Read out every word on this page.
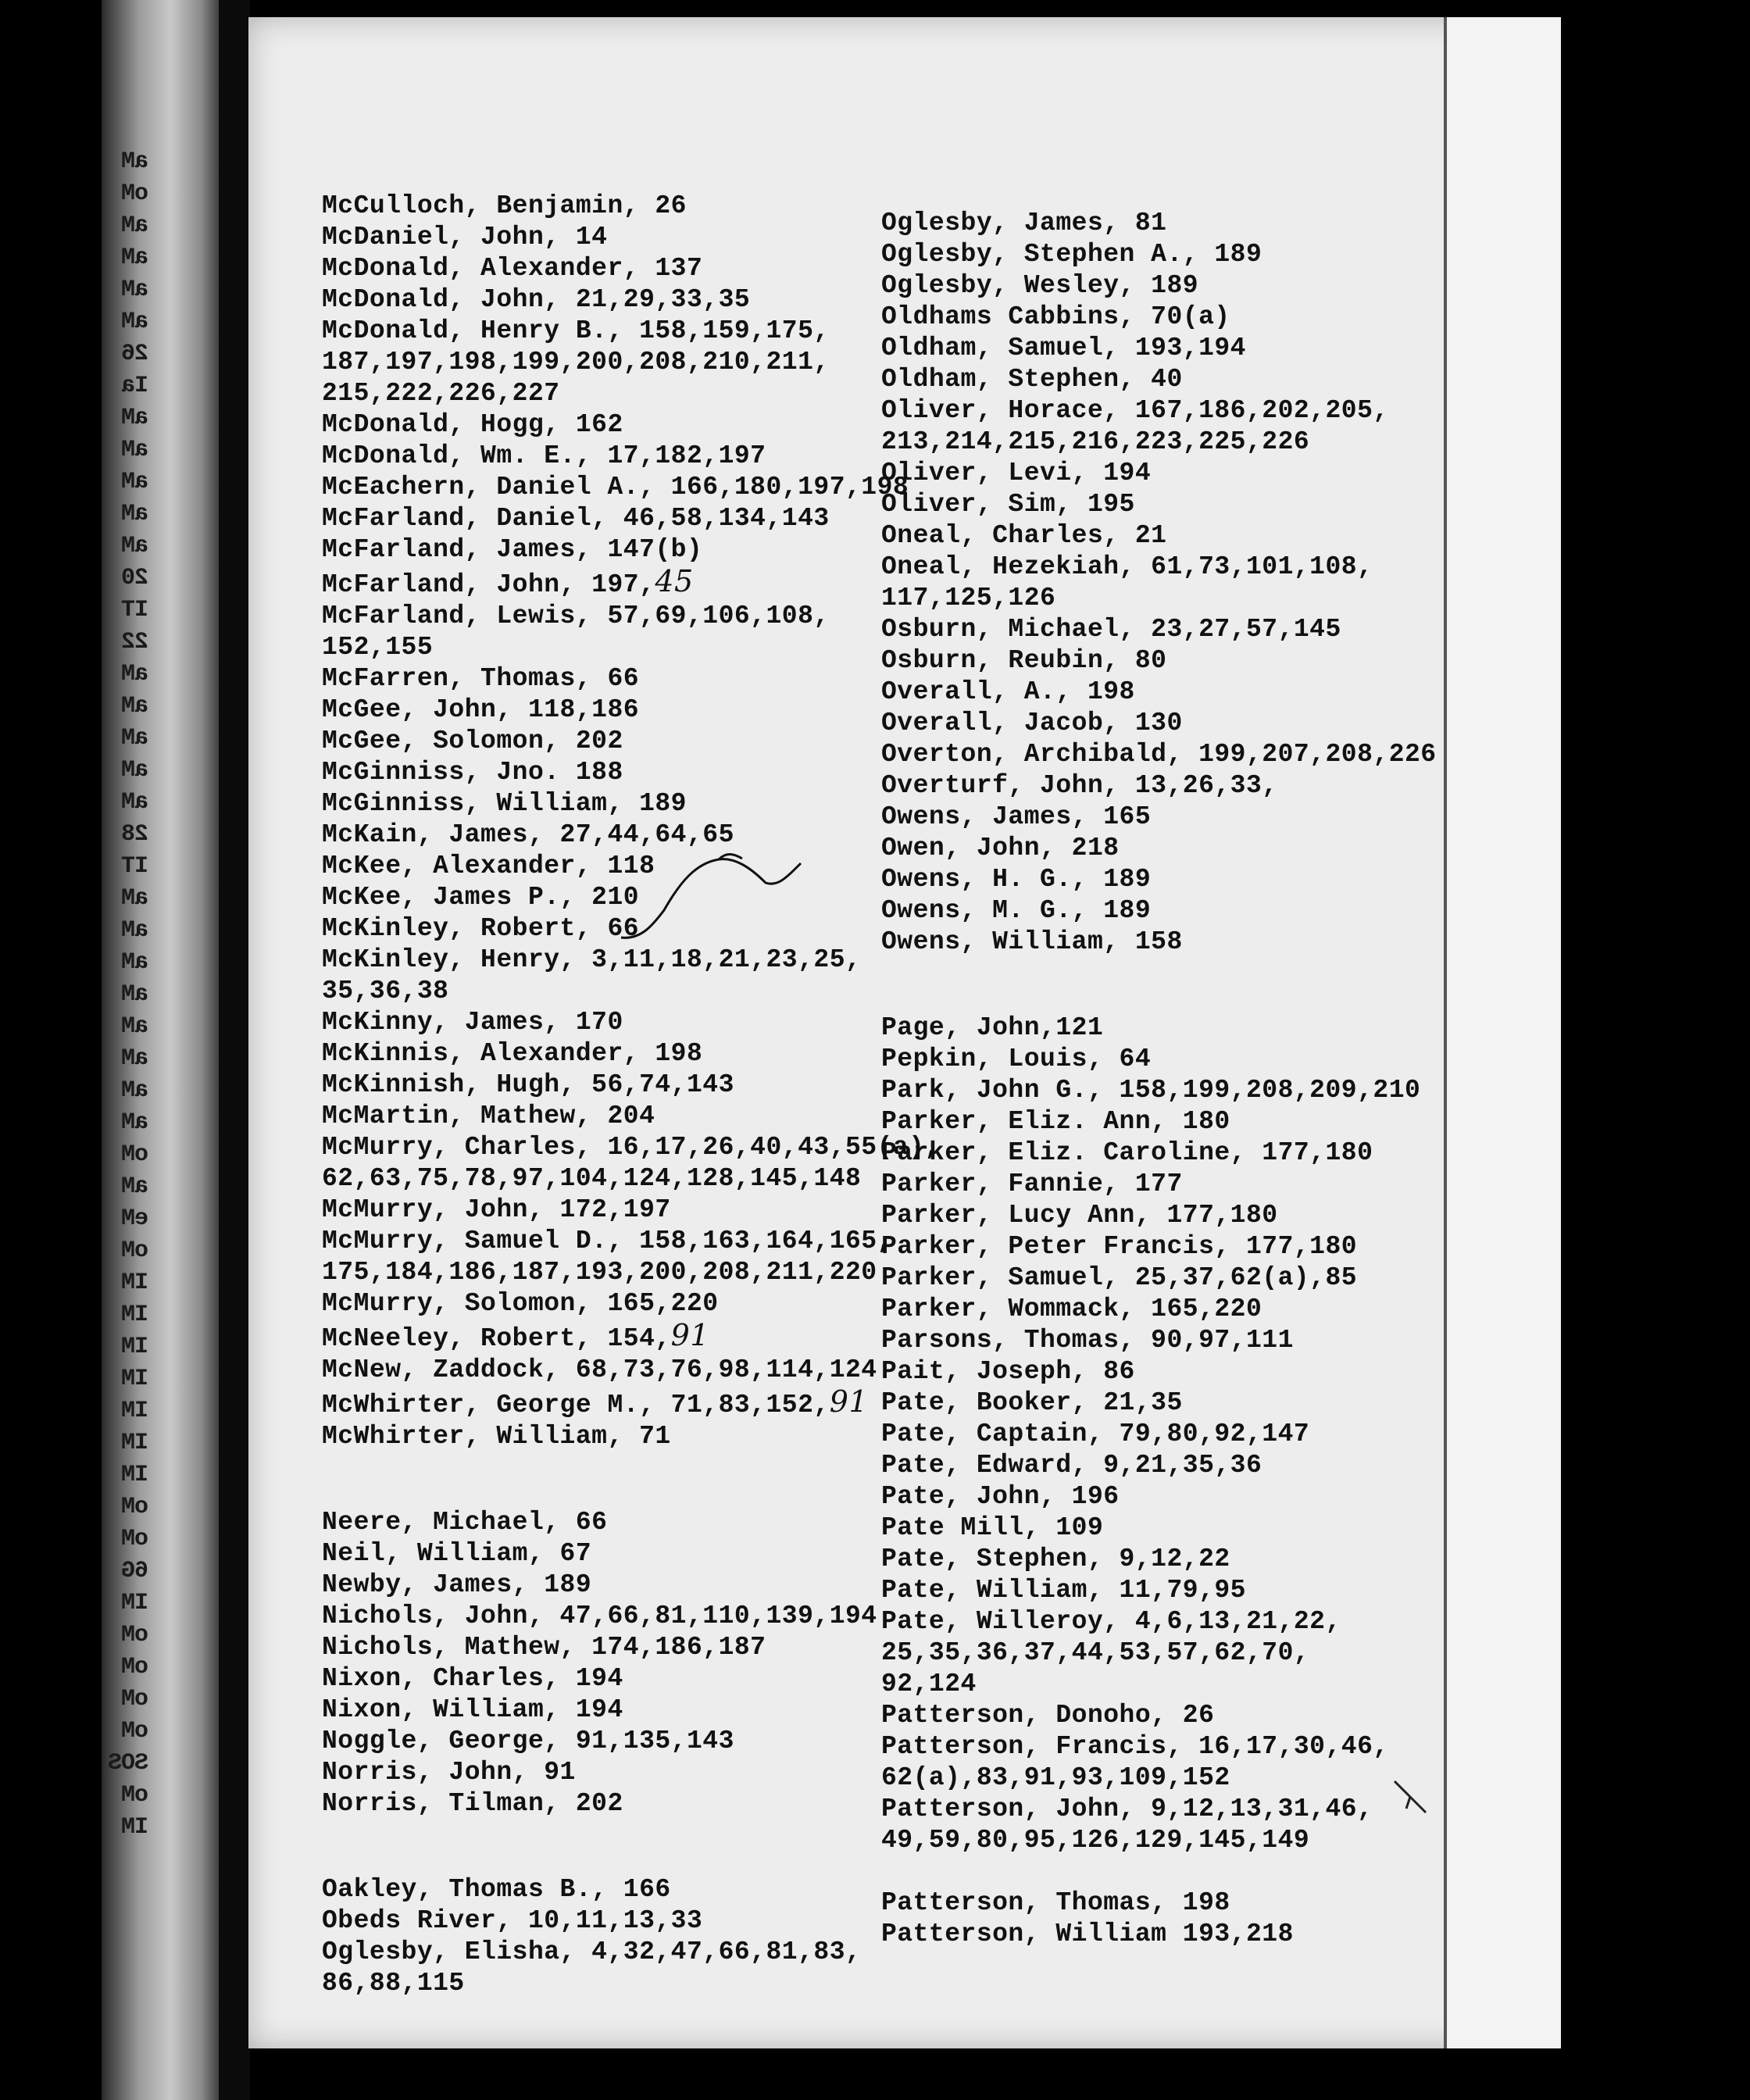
aM
oM
aM
aM
aM
aM
26
Ia
aM
aM
aM
aM
aM
20
IT
22
aM
aM
aM
aM
aM
28
IT
aM
aM
aM
aM
aM
aM
aM
aM
oM
aM
eM
oM
IM
IM
IM
IM
IM
IM
IM
oM
oM
6G
IM
oM
oM
oM
oM
SOS
oM
IM
McCulloch, Benjamin, 26
McDaniel, John, 14
McDonald, Alexander, 137
McDonald, John, 21,29,33,35
McDonald, Henry B., 158,159,175,
187,197,198,199,200,208,210,211,
215,222,226,227
McDonald, Hogg, 162
McDonald, Wm. E., 17,182,197
McEachern, Daniel A., 166,180,197,198
McFarland, Daniel, 46,58,134,143
McFarland, James, 147(b)
McFarland, John, 197,45
McFarland, Lewis, 57,69,106,108,
152,155
McFarren, Thomas, 66
McGee, John, 118,186
McGee, Solomon, 202
McGinniss, Jno. 188
McGinniss, William, 189
McKain, James, 27,44,64,65
McKee, Alexander, 118
McKee, James P., 210
McKinley, Robert, 66
McKinley, Henry, 3,11,18,21,23,25,
35,36,38
McKinny, James, 170
McKinnis, Alexander, 198
McKinnish, Hugh, 56,74,143
McMartin, Mathew, 204
McMurry, Charles, 16,17,26,40,43,55(a),
62,63,75,78,97,104,124,128,145,148
McMurry, John, 172,197
McMurry, Samuel D., 158,163,164,165,
175,184,186,187,193,200,208,211,220
McMurry, Solomon, 165,220
McNeeley, Robert, 154,91
McNew, Zaddock, 68,73,76,98,114,124
McWhirter, George M., 71,83,152,91
McWhirter, William, 71
Neere, Michael, 66
Neil, William, 67
Newby, James, 189
Nichols, John, 47,66,81,110,139,194
Nichols, Mathew, 174,186,187
Nixon, Charles, 194
Nixon, William, 194
Noggle, George, 91,135,143
Norris, John, 91
Norris, Tilman, 202
Oakley, Thomas B., 166
Obeds River, 10,11,13,33
Oglesby, Elisha, 4,32,47,66,81,83,
86,88,115
Oglesby, James, 81
Oglesby, Stephen A., 189
Oglesby, Wesley, 189
Oldhams Cabbins, 70(a)
Oldham, Samuel, 193,194
Oldham, Stephen, 40
Oliver, Horace, 167,186,202,205,
213,214,215,216,223,225,226
Oliver, Levi, 194
Oliver, Sim, 195
Oneal, Charles, 21
Oneal, Hezekiah, 61,73,101,108,
117,125,126
Osburn, Michael, 23,27,57,145
Osburn, Reubin, 80
Overall, A., 198
Overall, Jacob, 130
Overton, Archibald, 199,207,208,226
Overturf, John, 13,26,33,
Owens, James, 165
Owen, John, 218
Owens, H. G., 189
Owens, M. G., 189
Owens, William, 158
Page, John,121
Pepkin, Louis, 64
Park, John G., 158,199,208,209,210
Parker, Eliz. Ann, 180
Parker, Eliz. Caroline, 177,180
Parker, Fannie, 177
Parker, Lucy Ann, 177,180
Parker, Peter Francis, 177,180
Parker, Samuel, 25,37,62(a),85
Parker, Wommack, 165,220
Parsons, Thomas, 90,97,111
Pait, Joseph, 86
Pate, Booker, 21,35
Pate, Captain, 79,80,92,147
Pate, Edward, 9,21,35,36
Pate, John, 196
Pate Mill, 109
Pate, Stephen, 9,12,22
Pate, William, 11,79,95
Pate, Willeroy, 4,6,13,21,22,
25,35,36,37,44,53,57,62,70,
92,124
Patterson, Donoho, 26
Patterson, Francis, 16,17,30,46,
62(a),83,91,93,109,152
Patterson, John, 9,12,13,31,46,
49,59,80,95,126,129,145,149
Patterson, Thomas, 198
Patterson, William 193,218
